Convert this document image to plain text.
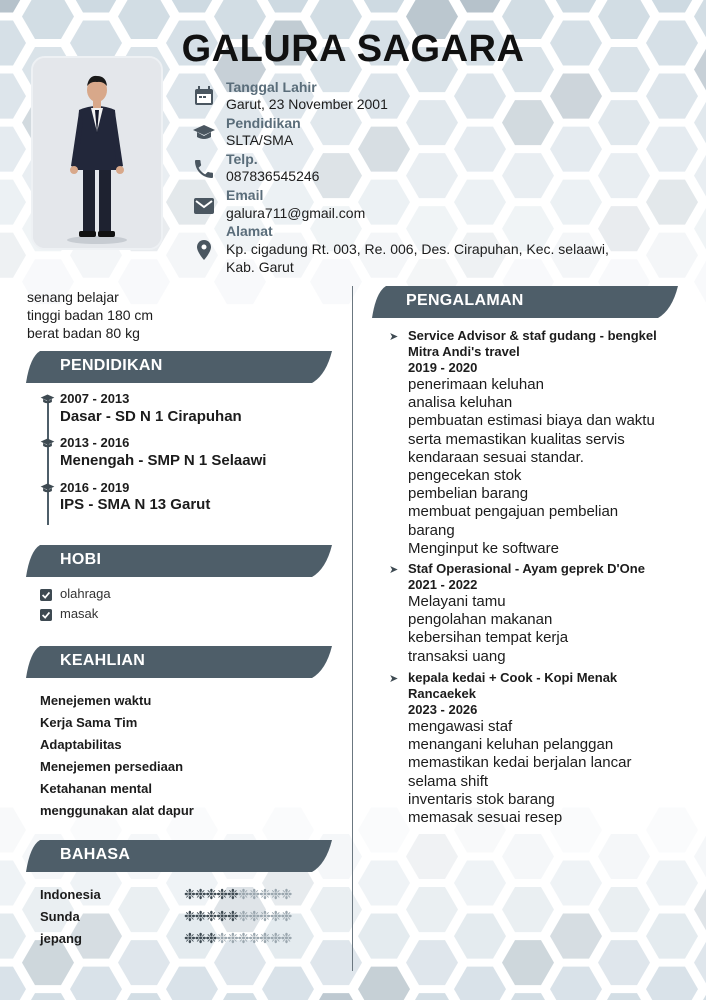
GALURA SAGARA
Tanggal Lahir
Garut, 23 November 2001
Pendidikan
SLTA/SMA
Telp.
087836545246
Email
galura711@gmail.com
Alamat
Kp. cigadung Rt. 003, Re. 006, Des. Cirapuhan, Kec. selaawi,
Kab. Garut
senang belajar
tinggi badan 180 cm
berat badan 80 kg
PENDIDIKAN
2007 - 2013
Dasar - SD N 1 Cirapuhan
2013 - 2016
Menengah - SMP N 1 Selaawi
2016 - 2019
IPS - SMA N 13 Garut
HOBI
olahraga
masak
KEAHLIAN
Menejemen waktu
Kerja Sama Tim
Adaptabilitas
Menejemen persediaan
Ketahanan mental
menggunakan alat dapur
BAHASA
Indonesia	❉❉❉❉❉❉❉❉❉❉
Sunda	❉❉❉❉❉❉❉❉❉❉
jepang	❉❉❉❉❉❉❉❉❉❉
PENGALAMAN
➤ Service Advisor & staf gudang - bengkel
Mitra Andi's travel
2019 - 2020
penerimaan keluhan
analisa keluhan
pembuatan estimasi biaya dan waktu
serta memastikan kualitas servis
kendaraan sesuai standar.
pengecekan stok
pembelian barang
membuat pengajuan pembelian
barang
Menginput ke software
➤ Staf Operasional - Ayam geprek D'One
2021 - 2022
Melayani tamu
pengolahan makanan
kebersihan tempat kerja
transaksi uang
➤ kepala kedai + Cook - Kopi Menak
Rancaekek
2023 - 2026
mengawasi staf
menangani keluhan pelanggan
memastikan kedai berjalan lancar
selama shift
inventaris stok barang
memasak sesuai resep
